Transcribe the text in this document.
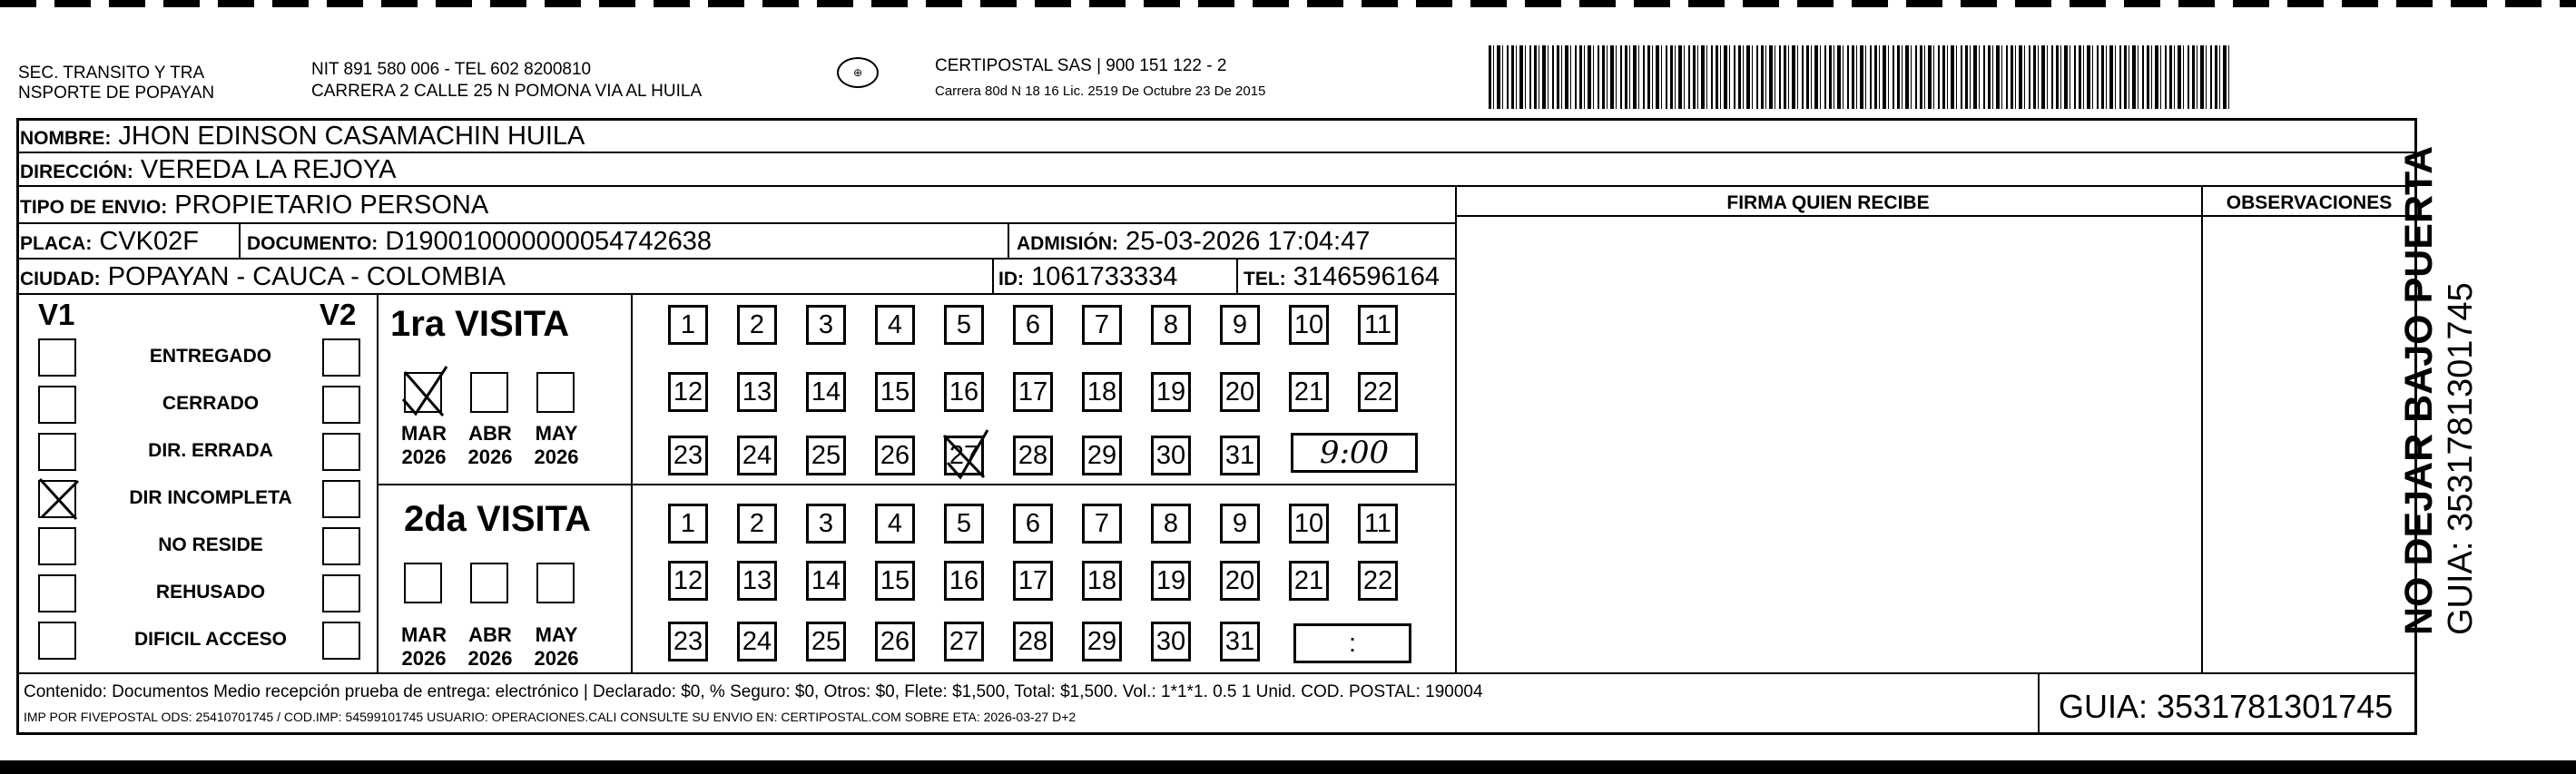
SEC. TRANSITO Y TRA
NSPORTE DE POPAYAN
NIT 891 580 006 - TEL 602 8200810
CARRERA 2 CALLE 25 N POMONA VIA AL HUILA
⊕	CERTIPOSTAL SAS | 900 151 122 - 2
Carrera 80d N 18 16 Lic. 2519 De Octubre 23 De 2015
NOMBRE: JHON EDINSON CASAMACHIN HUILA
DIRECCIÓN: VEREDA LA REJOYA
TIPO DE ENVIO: PROPIETARIO PERSONA	FIRMA QUIEN RECIBE	OBSERVACIONES
PLACA: CVK02F	DOCUMENTO: D190010000000054742638	ADMISIÓN: 25-03-2026 17:04:47
CIUDAD: POPAYAN - CAUCA - COLOMBIA	ID: 1061733334	TEL: 3146596164
V1	V2
ENTREGADO
CERRADO
DIR. ERRADA
DIR INCOMPLETA
NO RESIDE
REHUSADO
DIFICIL ACCESO
1ra VISITA
MAR
2026
ABR
2026
MAY
2026
1	2	3	4	5	6	7	8	9	10 11
12 13 14 15 16 17 18 19 20 21 22
23 24 25 26 27 28 29 30 31	9:00
2da VISITA
MAR
2026
ABR
2026
MAY
2026
1	2	3	4	5	6	7	8	9	10 11
12 13 14 15 16 17 18 19 20 21 22
23 24 25 26 27 28 29 30 31	:
Contenido: Documentos Medio recepción prueba de entrega: electrónico | Declarado: $0, % Seguro: $0, Otros: $0, Flete: $1,500, Total: $1,500. Vol.: 1*1*1. 0.5 1 Unid. COD. POSTAL: 190004
IMP POR FIVEPOSTAL ODS: 25410701745 / COD.IMP: 54599101745 USUARIO: OPERACIONES.CALI CONSULTE SU ENVIO EN: CERTIPOSTAL.COM SOBRE ETA: 2026-03-27 D+2	GUIA: 3531781301745
NO DEJAR BAJO PUERTA GUIA: 3531781301745
